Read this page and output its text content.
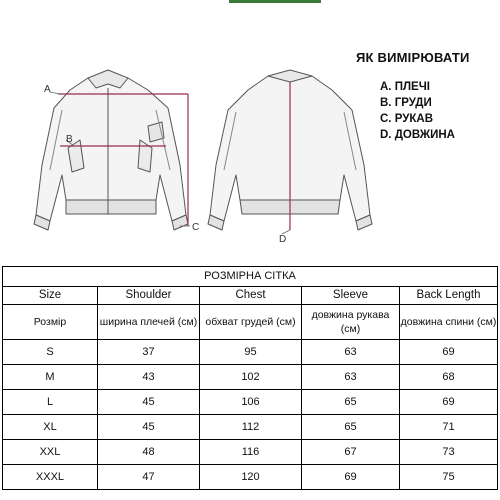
A
B
C
D
ЯК ВИМІРЮВАТИ
A. ПЛЕЧІ
B. ГРУДИ
C. РУКАВ
D. ДОВЖИНА
РОЗМІРНА СІТКА				
Size	Shoulder	Chest	Sleeve	Back Length
Розмір	ширина плечей (см)	обхват грудей (см)	довжина рукава (см)	довжина спини (см)
S	37	95	63	69
M	43	102	63	68
L	45	106	65	69
XL	45	112	65	71
XXL	48	116	67	73
XXXL	47	120	69	75
